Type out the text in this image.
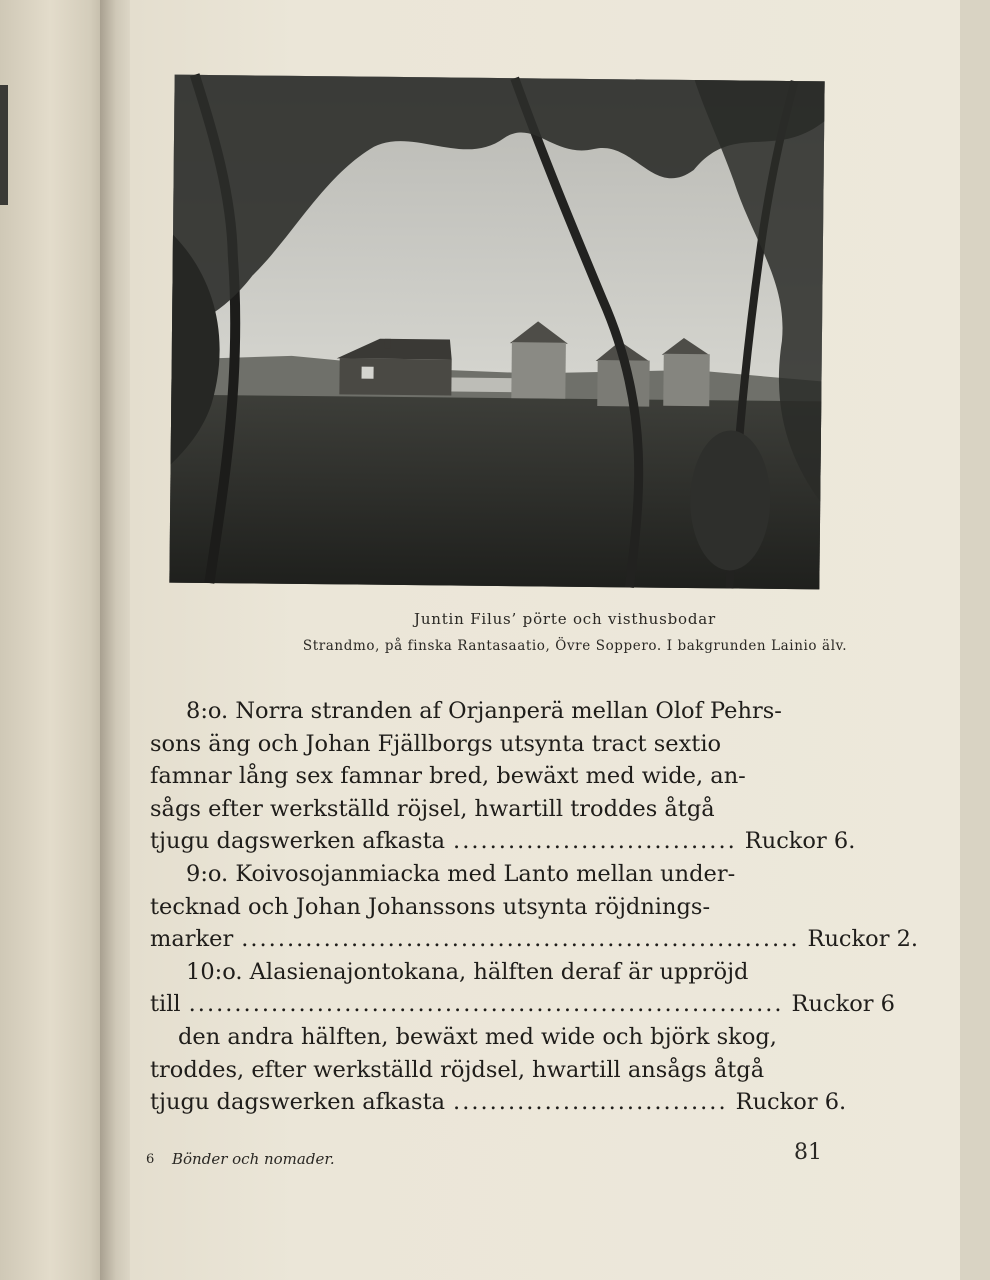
Juntin Filus’ pörte och visthusbodar
Strandmo, på finska Rantasaatio, Övre Soppero. I bakgrunden Lainio älv.
8:o. Norra stranden af Orjanperä mellan Olof Pehrs-
sons äng och Johan Fjällborgs utsynta tract sextio
famnar lång sex famnar bred, bewäxt med wide, an-
sågs efter werkställd röjsel, hwartill troddes åtgå
tjugu dagswerken afkasta ............................... Ruckor 6.
9:o. Koivosojanmiacka med Lanto mellan under-
tecknad och Johan Johanssons utsynta röjdnings-
marker ............................................................. Ruckor 2.
10:o. Alasienajontokana, hälften deraf är uppröjd
till ................................................................. Ruckor 6
den andra hälften, bewäxt med wide och björk skog,
troddes, efter werkställd röjdsel, hwartill ansågs åtgå
tjugu dagswerken afkasta .............................. Ruckor 6.
6 Bönder och nomader.	81
